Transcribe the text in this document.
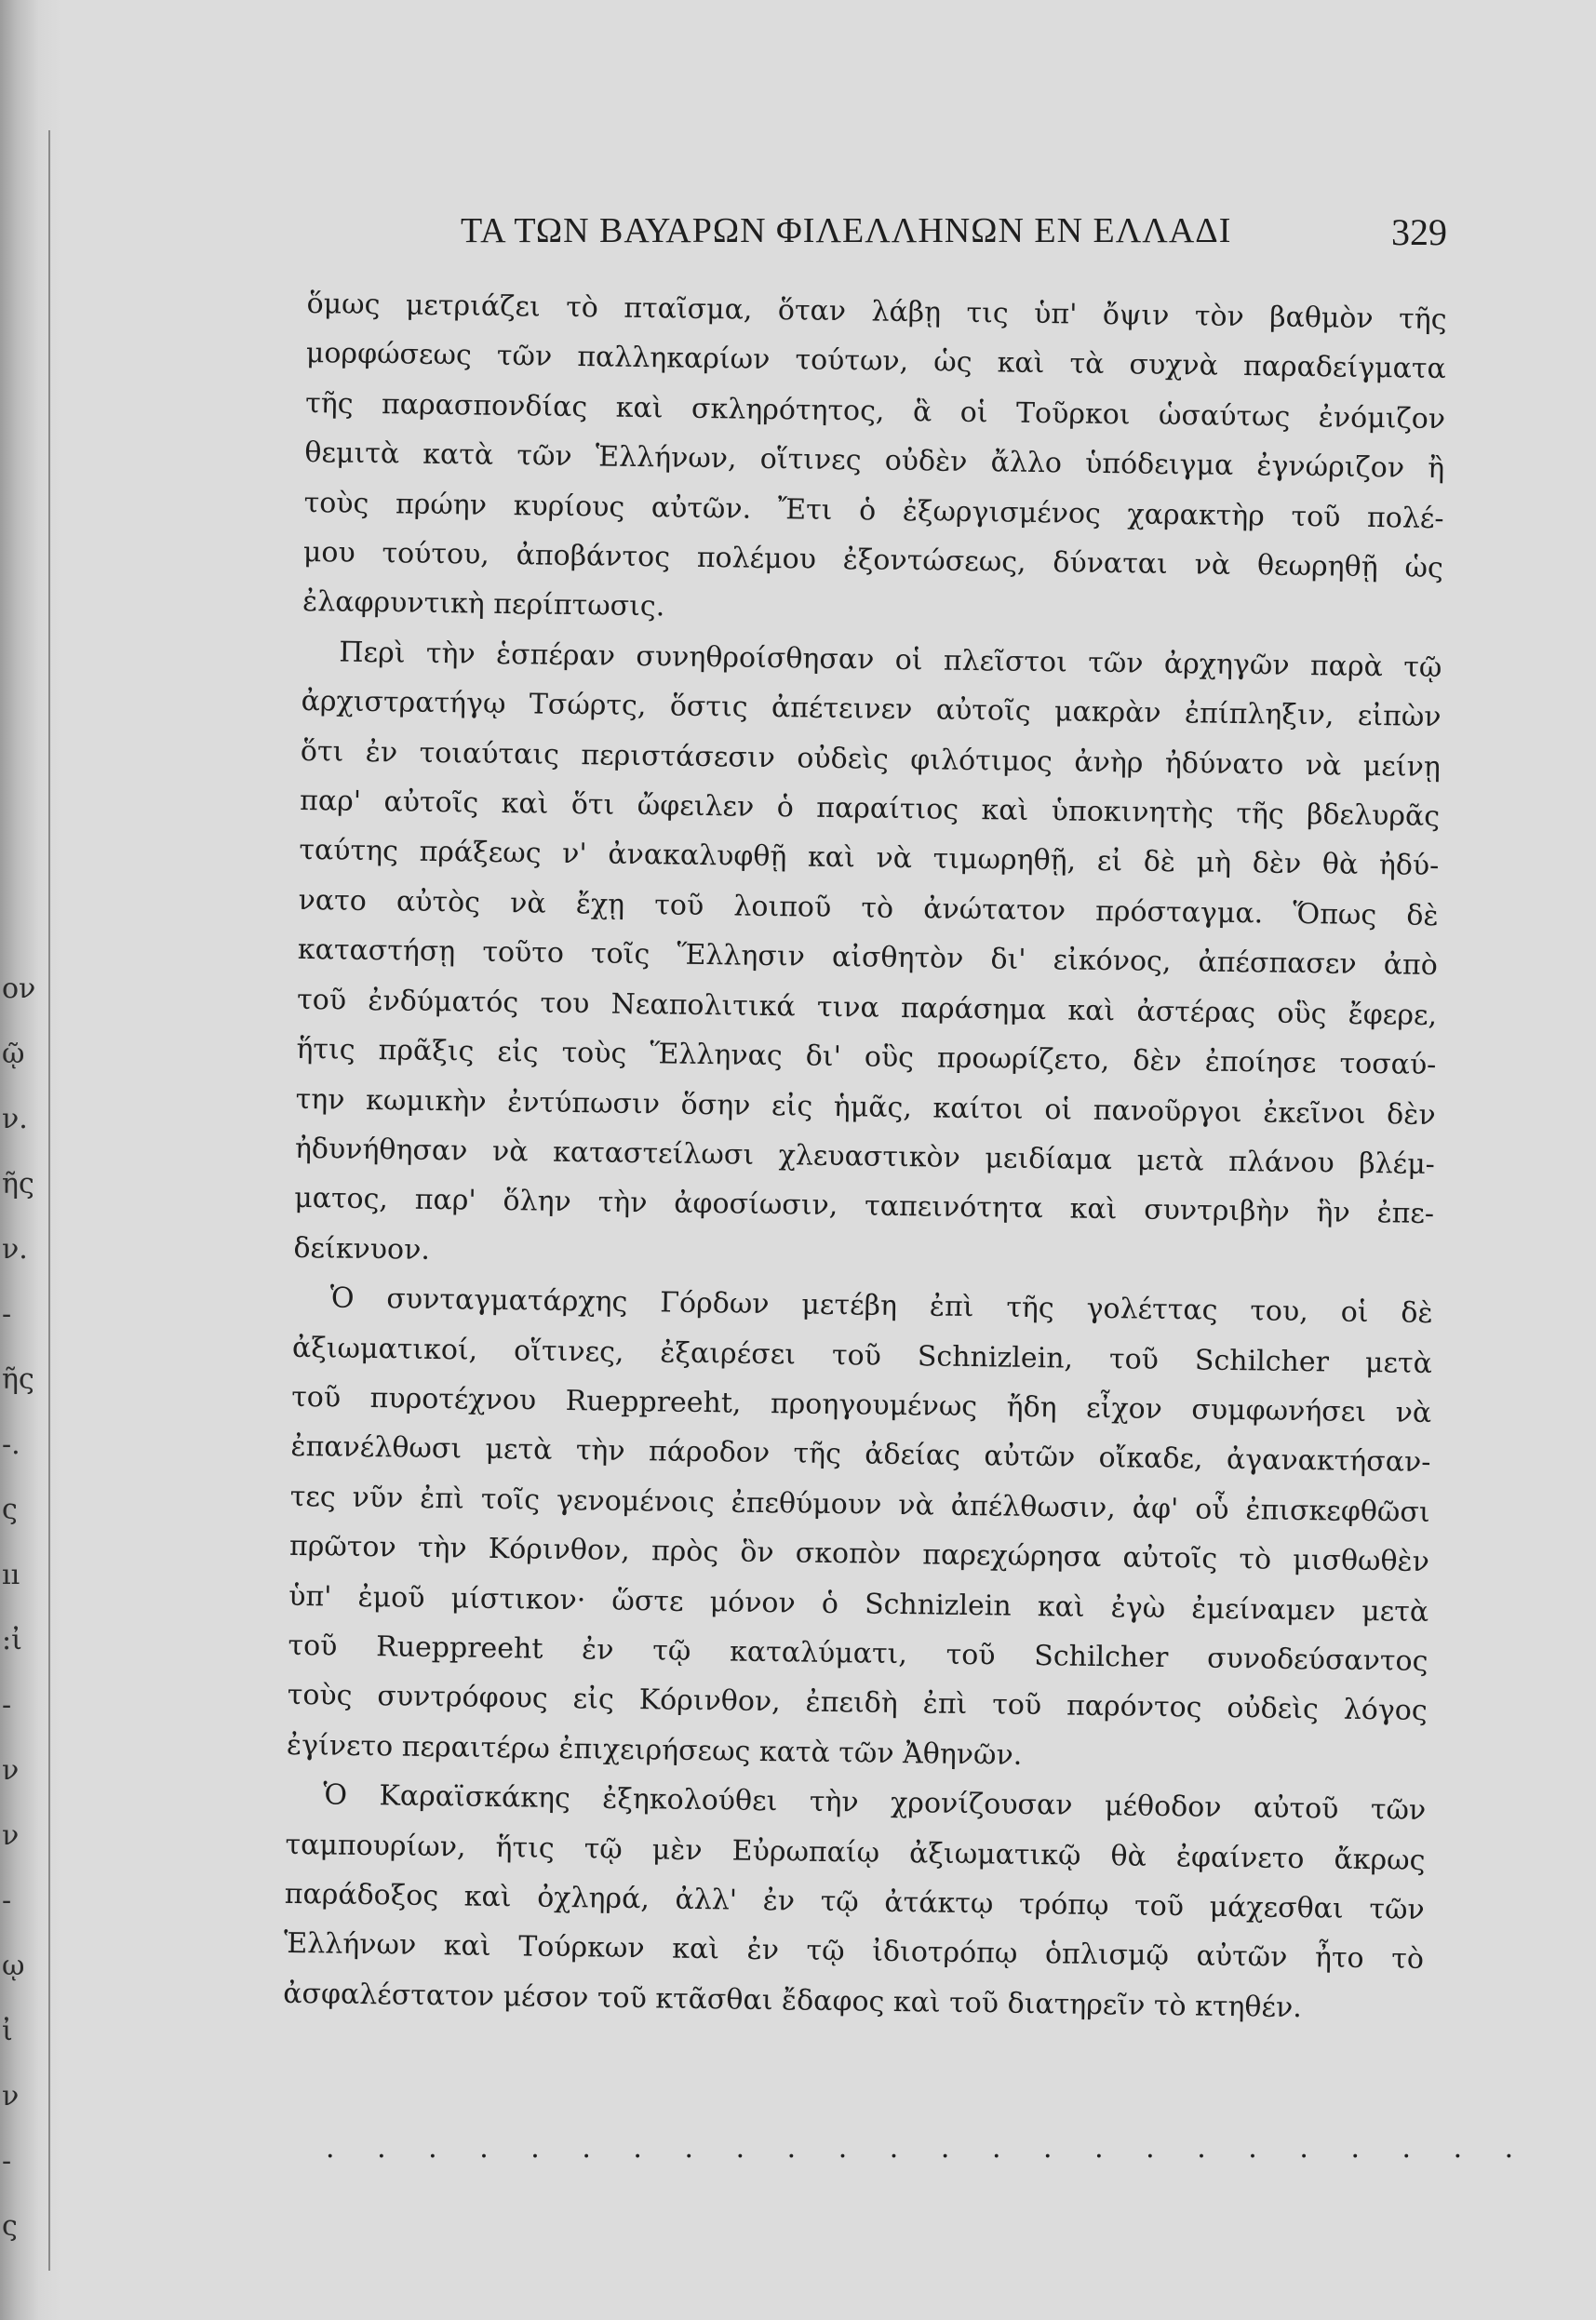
ον
ῷ
ν.
ῆς
ν.
-
ῆς
-.
ς
ıı
:ἰ
-
ν
ν
-
ῳ
ἰ
ν
-
ς
ΤΑ ΤΩΝ ΒΑΥΑΡΩΝ ΦΙΛΕΛΛΗΝΩΝ ΕΝ ΕΛΛΑΔΙ	329
ὅμως μετριάζει τὸ πταῖσμα, ὅταν λάβῃ τις ὑπ' ὄψιν τὸν βαθμὸν τῆς
μορφώσεως τῶν παλληκαρίων τούτων, ὡς καὶ τὰ συχνὰ παραδείγματα
τῆς παρασπονδίας καὶ σκληρότητος, ἃ οἱ Τοῦρκοι ὡσαύτως ἐνόμιζον
θεμιτὰ κατὰ τῶν Ἑλλήνων, οἵτινες οὐδὲν ἄλλο ὑπόδειγμα ἐγνώριζον ἢ
τοὺς πρώην κυρίους αὐτῶν. Ἔτι ὁ ἐξωργισμένος χαρακτὴρ τοῦ πολέ-
μου τούτου, ἀποβάντος πολέμου ἐξοντώσεως, δύναται νὰ θεωρηθῇ ὡς
ἐλαφρυντικὴ περίπτωσις.
Περὶ τὴν ἑσπέραν συνηθροίσθησαν οἱ πλεῖστοι τῶν ἀρχηγῶν παρὰ τῷ
ἀρχιστρατήγῳ Τσώρτς, ὅστις ἀπέτεινεν αὐτοῖς μακρὰν ἐπίπληξιν, εἰπὼν
ὅτι ἐν τοιαύταις περιστάσεσιν οὐδεὶς φιλότιμος ἀνὴρ ἠδύνατο νὰ μείνῃ
παρ' αὐτοῖς καὶ ὅτι ὤφειλεν ὁ παραίτιος καὶ ὑποκινητὴς τῆς βδελυρᾶς
ταύτης πράξεως ν' ἀνακαλυφθῇ καὶ νὰ τιμωρηθῇ, εἰ δὲ μὴ δὲν θὰ ἠδύ-
νατο αὐτὸς νὰ ἔχῃ τοῦ λοιποῦ τὸ ἀνώτατον πρόσταγμα. Ὅπως δὲ
καταστήσῃ τοῦτο τοῖς Ἕλλησιν αἰσθητὸν δι' εἰκόνος, ἀπέσπασεν ἀπὸ
τοῦ ἐνδύματός του Νεαπολιτικά τινα παράσημα καὶ ἀστέρας οὓς ἔφερε,
ἥτις πρᾶξις εἰς τοὺς Ἕλληνας δι' οὓς προωρίζετο, δὲν ἐποίησε τοσαύ-
την κωμικὴν ἐντύπωσιν ὅσην εἰς ἡμᾶς, καίτοι οἱ πανοῦργοι ἐκεῖνοι δὲν
ἠδυνήθησαν νὰ καταστείλωσι χλευαστικὸν μειδίαμα μετὰ πλάνου βλέμ-
ματος, παρ' ὅλην τὴν ἀφοσίωσιν, ταπεινότητα καὶ συντριβὴν ἣν ἐπε-
δείκνυον.
Ὁ συνταγματάρχης Γόρδων μετέβη ἐπὶ τῆς γολέττας του, οἱ δὲ
ἀξιωματικοί, οἵτινες, ἐξαιρέσει τοῦ Schnizlein, τοῦ Schilcher μετὰ
τοῦ πυροτέχνου Rueppreeht, προηγουμένως ἤδη εἶχον συμφωνήσει νὰ
ἐπανέλθωσι μετὰ τὴν πάροδον τῆς ἀδείας αὐτῶν οἴκαδε, ἀγανακτήσαν-
τες νῦν ἐπὶ τοῖς γενομένοις ἐπεθύμουν νὰ ἀπέλθωσιν, ἀφ' οὗ ἐπισκεφθῶσι
πρῶτον τὴν Κόρινθον, πρὸς ὃν σκοπὸν παρεχώρησα αὐτοῖς τὸ μισθωθὲν
ὑπ' ἐμοῦ μίστικον· ὥστε μόνον ὁ Schnizlein καὶ ἐγὼ ἐμείναμεν μετὰ
τοῦ Rueppreeht ἐν τῷ καταλύματι, τοῦ Schilcher συνοδεύσαντος
τοὺς συντρόφους εἰς Κόρινθον, ἐπειδὴ ἐπὶ τοῦ παρόντος οὐδεὶς λόγος
ἐγίνετο περαιτέρω ἐπιχειρήσεως κατὰ τῶν Ἀθηνῶν.
Ὁ Καραϊσκάκης ἐξηκολούθει τὴν χρονίζουσαν μέθοδον αὐτοῦ τῶν
ταμπουρίων, ἥτις τῷ μὲν Εὐρωπαίῳ ἀξιωματικῷ θὰ ἐφαίνετο ἄκρως
παράδοξος καὶ ὀχληρά, ἀλλ' ἐν τῷ ἀτάκτῳ τρόπῳ τοῦ μάχεσθαι τῶν
Ἑλλήνων καὶ Τούρκων καὶ ἐν τῷ ἰδιοτρόπῳ ὁπλισμῷ αὐτῶν ἦτο τὸ
ἀσφαλέστατον μέσον τοῦ κτᾶσθαι ἔδαφος καὶ τοῦ διατηρεῖν τὸ κτηθέν.
· · · · · · · · · · · · · · · · · · · · · · · ·
